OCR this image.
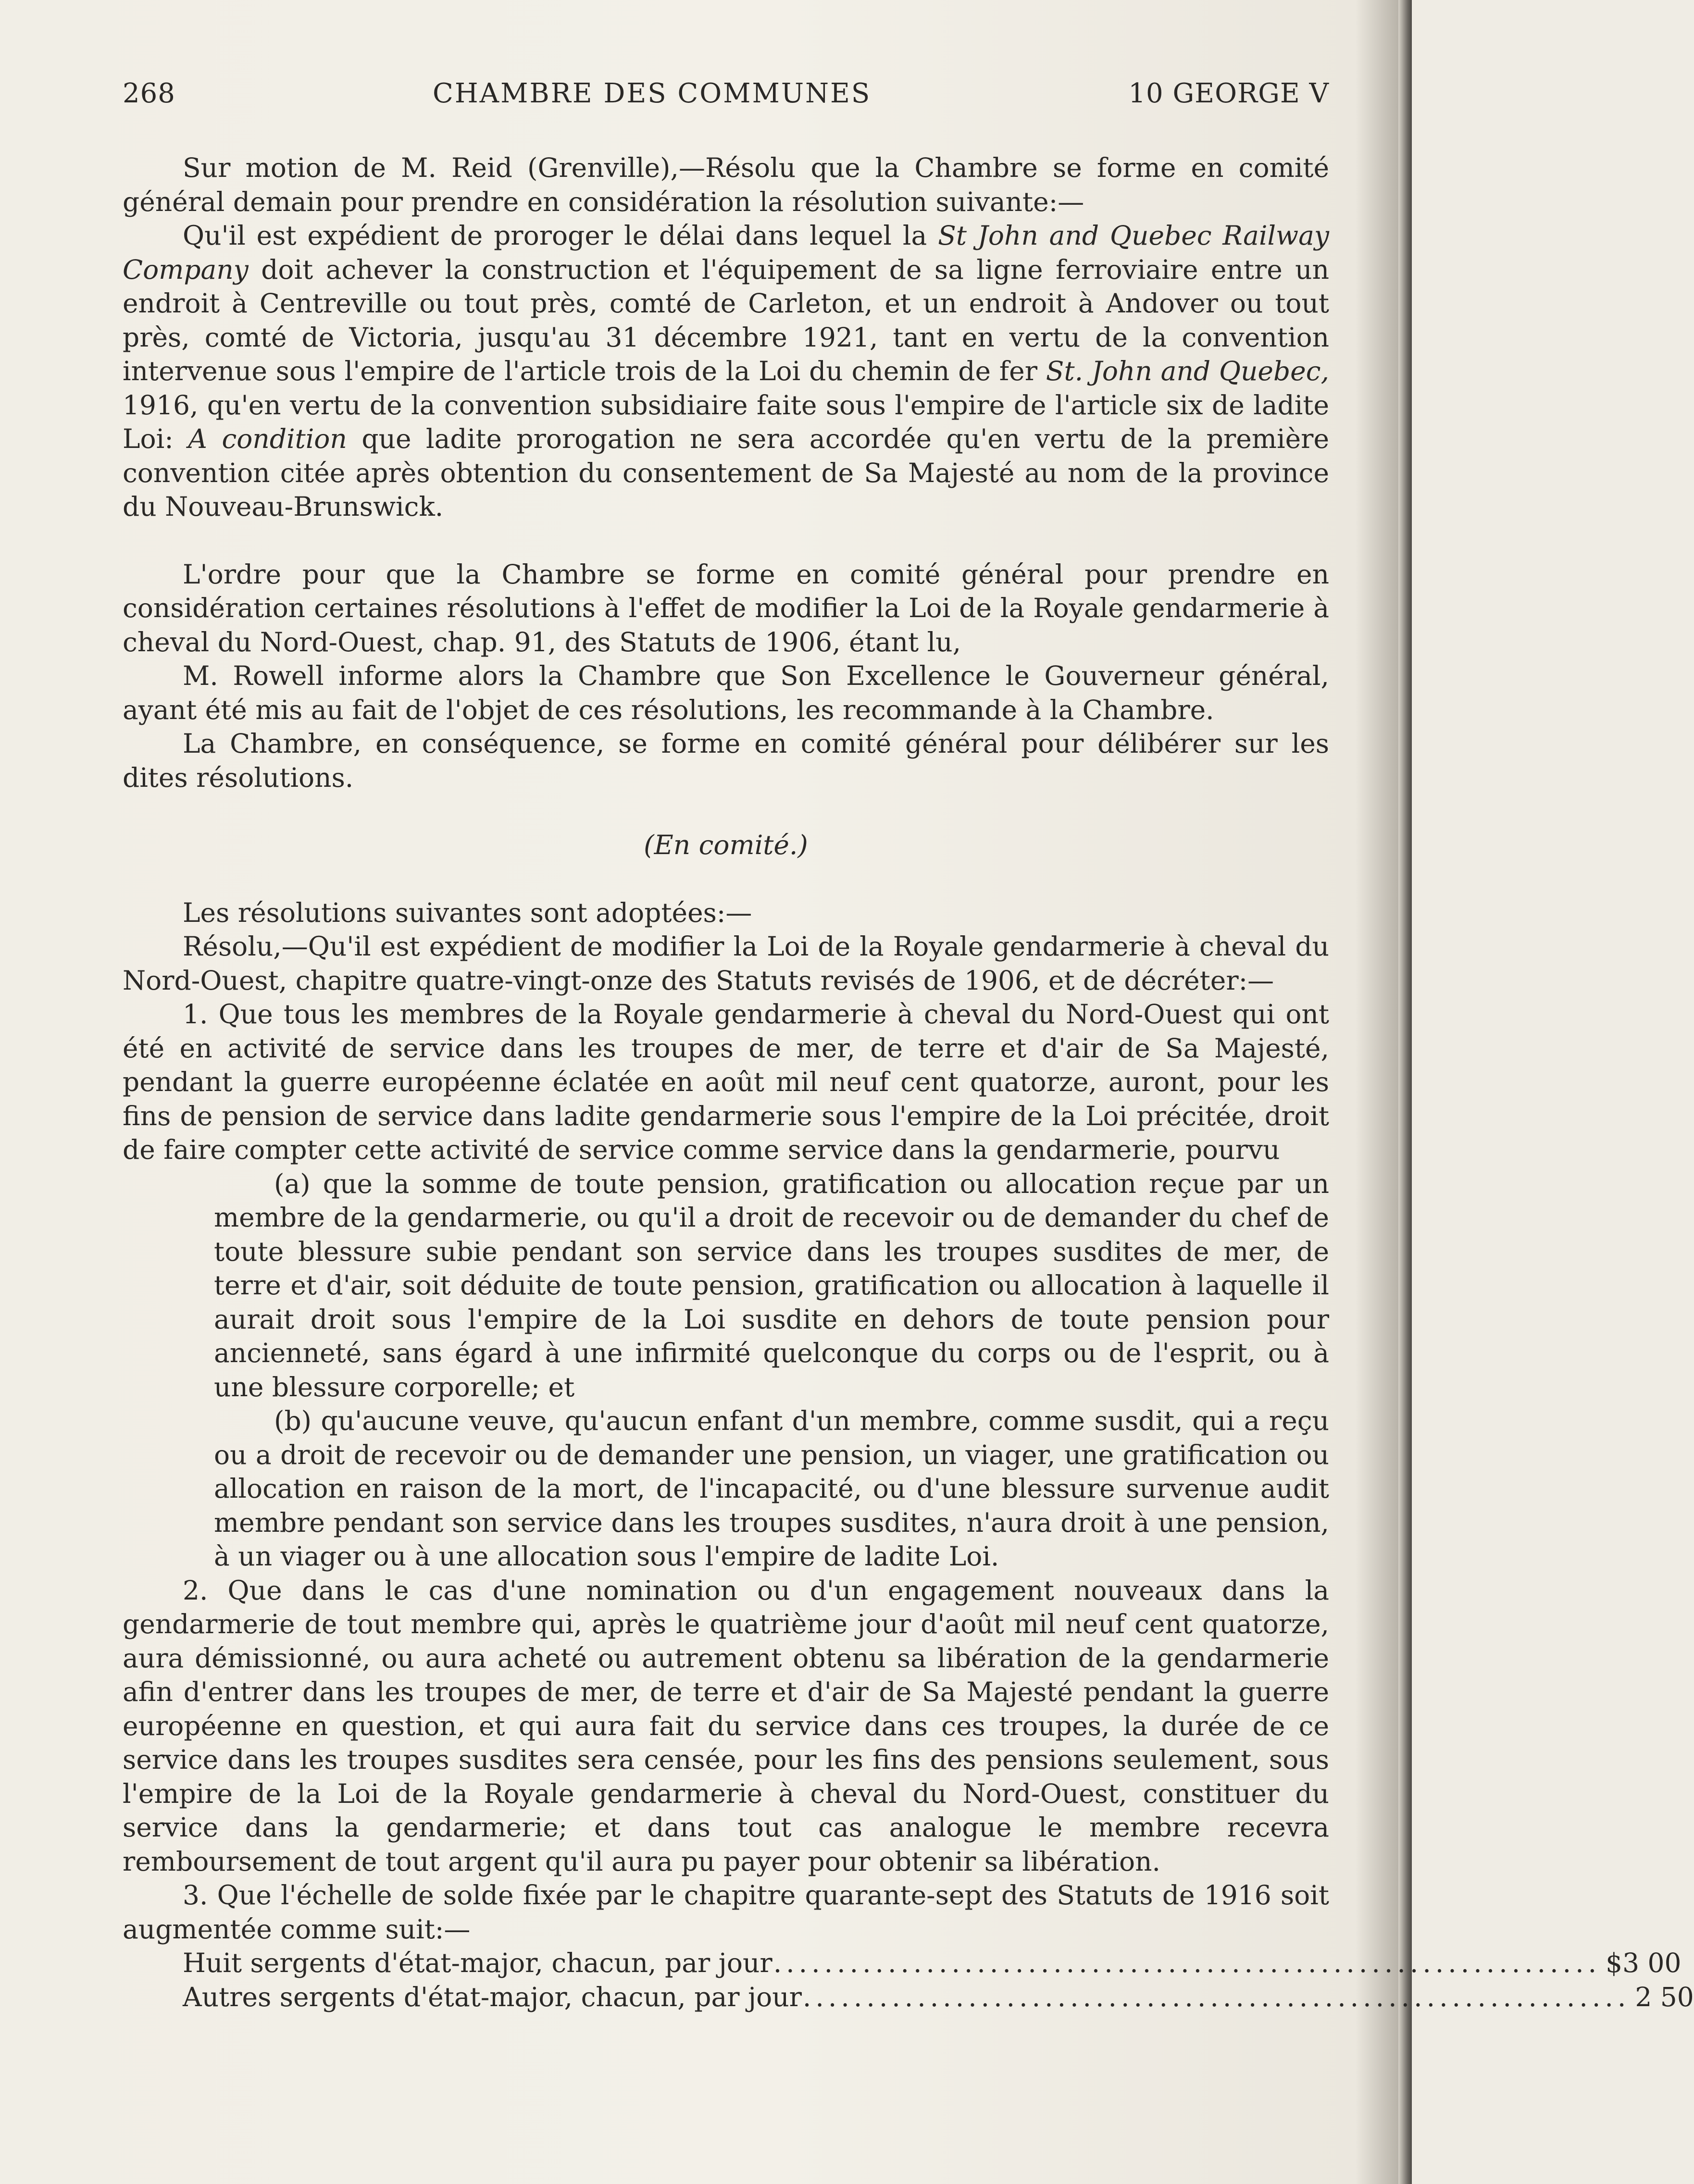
268	CHAMBRE DES COMMUNES	10 GEORGE V

Sur motion de M. Reid (Grenville),—Résolu que la Chambre se forme en comité général demain pour prendre en considération la résolution suivante:—

Qu'il est expédient de proroger le délai dans lequel la St John and Quebec Railway Company doit achever la construction et l'équipement de sa ligne ferroviaire entre un endroit à Centreville ou tout près, comté de Carleton, et un endroit à Andover ou tout près, comté de Victoria, jusqu'au 31 décembre 1921, tant en vertu de la convention intervenue sous l'empire de l'article trois de la Loi du chemin de fer St. John and Quebec, 1916, qu'en vertu de la convention subsidiaire faite sous l'empire de l'article six de ladite Loi: A condition que ladite prorogation ne sera accordée qu'en vertu de la première convention citée après obtention du consentement de Sa Majesté au nom de la province du Nouveau-Brunswick.

L'ordre pour que la Chambre se forme en comité général pour prendre en considération certaines résolutions à l'effet de modifier la Loi de la Royale gendarmerie à cheval du Nord-Ouest, chap. 91, des Statuts de 1906, étant lu,

M. Rowell informe alors la Chambre que Son Excellence le Gouverneur général, ayant été mis au fait de l'objet de ces résolutions, les recommande à la Chambre.

La Chambre, en conséquence, se forme en comité général pour délibérer sur les dites résolutions.

(En comité.)

Les résolutions suivantes sont adoptées:—

Résolu,—Qu'il est expédient de modifier la Loi de la Royale gendarmerie à cheval du Nord-Ouest, chapitre quatre-vingt-onze des Statuts revisés de 1906, et de décréter:—

1. Que tous les membres de la Royale gendarmerie à cheval du Nord-Ouest qui ont été en activité de service dans les troupes de mer, de terre et d'air de Sa Majesté, pendant la guerre européenne éclatée en août mil neuf cent quatorze, auront, pour les fins de pension de service dans ladite gendarmerie sous l'empire de la Loi précitée, droit de faire compter cette activité de service comme service dans la gendarmerie, pourvu

(a) que la somme de toute pension, gratification ou allocation reçue par un membre de la gendarmerie, ou qu'il a droit de recevoir ou de demander du chef de toute blessure subie pendant son service dans les troupes susdites de mer, de terre et d'air, soit déduite de toute pension, gratification ou allocation à laquelle il aurait droit sous l'empire de la Loi susdite en dehors de toute pension pour ancienneté, sans égard à une infirmité quelconque du corps ou de l'esprit, ou à une blessure corporelle; et

(b) qu'aucune veuve, qu'aucun enfant d'un membre, comme susdit, qui a reçu ou a droit de recevoir ou de demander une pension, un viager, une gratification ou allocation en raison de la mort, de l'incapacité, ou d'une blessure survenue audit membre pendant son service dans les troupes susdites, n'aura droit à une pension, à un viager ou à une allocation sous l'empire de ladite Loi.

2. Que dans le cas d'une nomination ou d'un engagement nouveaux dans la gendarmerie de tout membre qui, après le quatrième jour d'août mil neuf cent quatorze, aura démissionné, ou aura acheté ou autrement obtenu sa libération de la gendarmerie afin d'entrer dans les troupes de mer, de terre et d'air de Sa Majesté pendant la guerre européenne en question, et qui aura fait du service dans ces troupes, la durée de ce service dans les troupes susdites sera censée, pour les fins des pensions seulement, sous l'empire de la Loi de la Royale gendarmerie à cheval du Nord-Ouest, constituer du service dans la gendarmerie; et dans tout cas analogue le membre recevra remboursement de tout argent qu'il aura pu payer pour obtenir sa libération.

3. Que l'échelle de solde fixée par le chapitre quarante-sept des Statuts de 1916 soit augmentée comme suit:—

Huit sergents d'état-major, chacun, par jour ................................................................. $3 00
Autres sergents d'état-major, chacun, par jour ................................................................. 2 50
